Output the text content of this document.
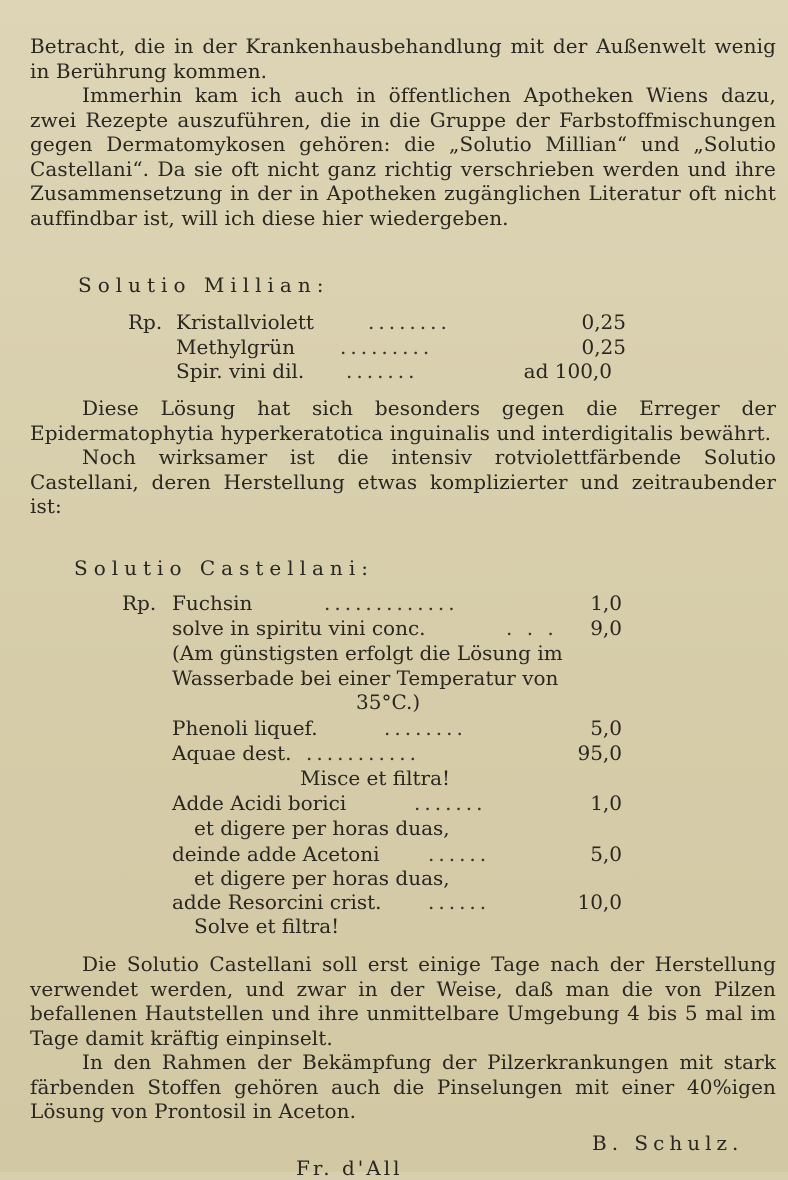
Betracht, die in der Krankenhausbehandlung mit der Außenwelt wenig in Berührung kommen.

Immerhin kam ich auch in öffentlichen Apotheken Wiens dazu, zwei Rezepte auszuführen, die in die Gruppe der Farbstoffmischungen gegen Dermatomykosen gehören: die „Solutio Millian“ und „Solutio Castellani“. Da sie oft nicht ganz richtig verschrieben werden und ihre Zusammensetzung in der in Apotheken zugänglichen Literatur oft nicht auffindbar ist, will ich diese hier wiedergeben.

Solutio Millian:
Rp. Kristallviolett	........	0,25
Methylgrün .........	0,25
Spir. vini dil. .......	ad 100,0

Diese Lösung hat sich besonders gegen die Erreger der Epidermatophytia hyperkeratotica inguinalis und interdigitalis bewährt.

Noch wirksamer ist die intensiv rotviolettfärbende Solutio Castellani, deren Herstellung etwas komplizierter und zeitraubender ist:

Solutio Castellani:
Rp. Fuchsin	.............	1,0
solve in spiritu vini conc.	. . . 9,0
(Am günstigsten erfolgt die Lösung im
Wasserbade bei einer Temperatur von
35°C.)
Phenoli liquef.	........	5,0
Aquae dest. ...........	95,0
Misce et filtra!
Adde Acidi borici	.......	1,0
et digere per horas duas,
deinde adde Acetoni ......	5,0
et digere per horas duas,
adde Resorcini crist. ......	10,0
Solve et filtra!

Die Solutio Castellani soll erst einige Tage nach der Herstellung verwendet werden, und zwar in der Weise, daß man die von Pilzen befallenen Hautstellen und ihre unmittelbare Umgebung 4 bis 5 mal im Tage damit kräftig einpinselt.

In den Rahmen der Bekämpfung der Pilzerkrankungen mit stark färbenden Stoffen gehören auch die Pinselungen mit einer 40%igen Lösung von Prontosil in Aceton.

B. Schulz.
Fr. d'All
